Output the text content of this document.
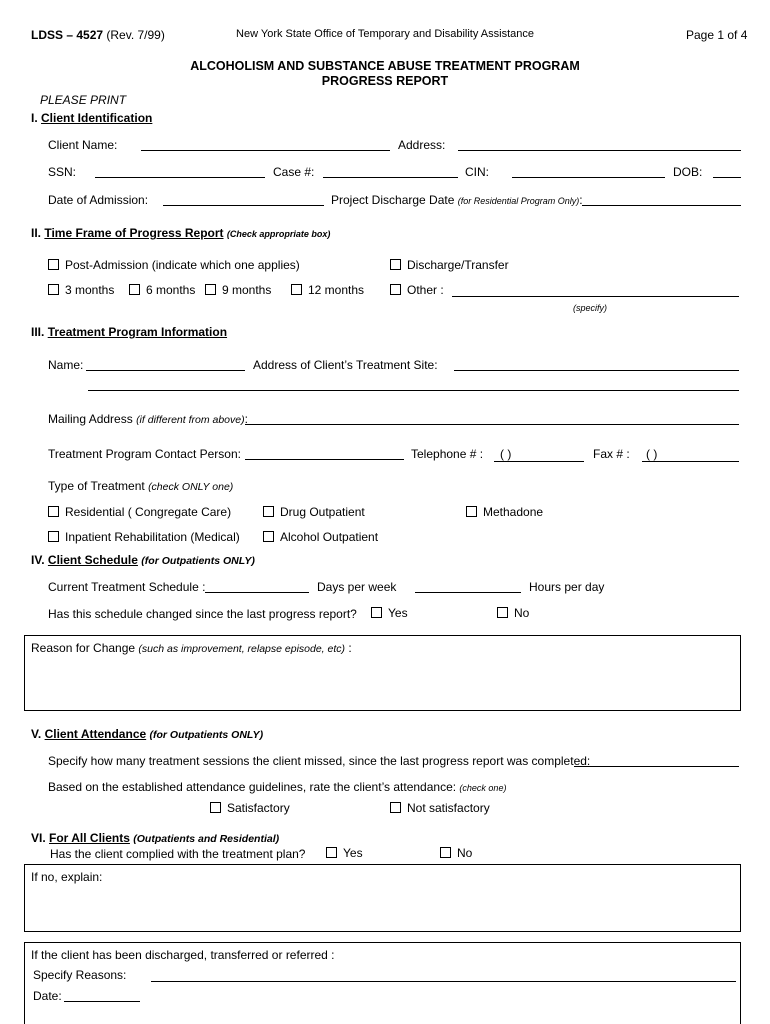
LDSS – 4527 (Rev. 7/99)	New York State Office of Temporary and Disability Assistance	Page 1 of 4
ALCOHOLISM AND SUBSTANCE ABUSE TREATMENT PROGRAM
PROGRESS REPORT
PLEASE PRINT
I. Client Identification
Client Name:	Address:
SSN:	Case #:	CIN:	DOB:
Date of Admission:	Project Discharge Date (for Residential Program Only):
II. Time Frame of Progress Report (Check appropriate box)
Post-Admission (indicate which one applies)	Discharge/Transfer
3 months	6 months	9 months	12 months	Other :
(specify)
III. Treatment Program Information
Name:	Address of Client’s Treatment Site:
Mailing Address (if different from above):
Treatment Program Contact Person:	Telephone # :	( )	Fax # :	( )
Type of Treatment (check ONLY one)
Residential ( Congregate Care)	Drug Outpatient	Methadone
Inpatient Rehabilitation (Medical)	Alcohol Outpatient
IV. Client Schedule (for Outpatients ONLY)
Current Treatment Schedule :	Days per week	Hours per day
Has this schedule changed since the last progress report?	Yes	No
Reason for Change (such as improvement, relapse episode, etc) :
V. Client Attendance (for Outpatients ONLY)
Specify how many treatment sessions the client missed, since the last progress report was completed:
Based on the established attendance guidelines, rate the client’s attendance: (check one)
Satisfactory	Not satisfactory
VI. For All Clients (Outpatients and Residential)
Has the client complied with the treatment plan?	Yes	No
If no, explain:
If the client has been discharged, transferred or referred :
Specify Reasons:
Date:
